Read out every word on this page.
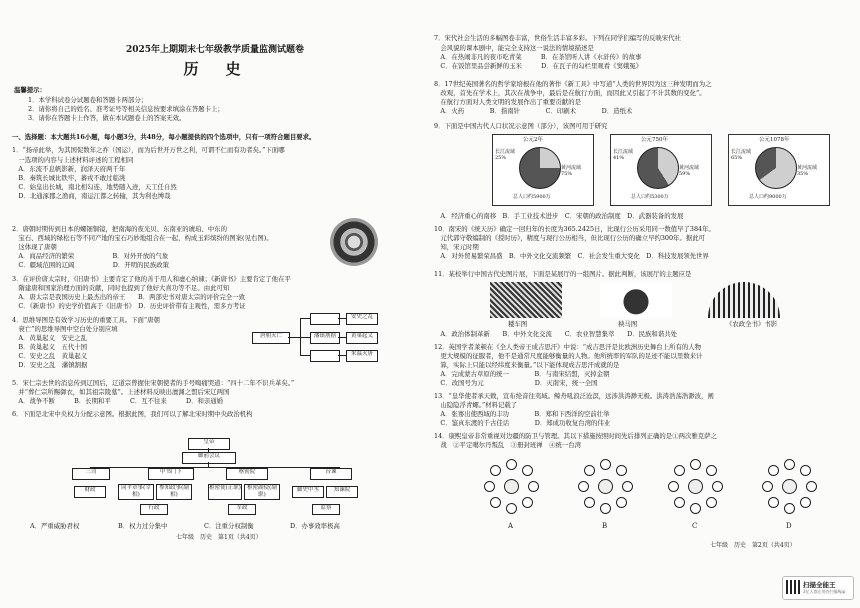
2025年上期期末七年级教学质量监测试题卷
历　史
温馨提示：
1．本学科试卷分试题卷和答题卡两部分；
2．请你将自己的姓名、准考证号等相关信息按要求填涂在答题卡上；
3．请你在答题卡上作答，做在本试题卷上的答案无效。
一、选择题：本大题共16小题，每小题3分，共48分，每小题提供的四个选项中，只有一项符合题目要求。
1．“扬帝此举，为其国促数年之祚（国运），而为后世开万世之利，可谓不仁而有功者矣。”下面哪
　一选项的内容与上述材料评述的工程相同
　A．东流不息帆影新，润泽天府两千年
　B．秦筑长城比铁牢，蕃戎不敢过临洮
　C．始皇出长城，南北相勾连，地势随入迹，天工任自然
　D．北通涿郡之渔商，南运江都之转输，其为利也博哉
2．唐朝时期传到日本的螺钿铜镜，把南海的夜光贝、东南亚的琥珀、中东的
　宝石、西域的绿松石等不同产地的宝石巧妙地组合在一起，构成玉彩缤纷的图案(见右图)。
　这体现了唐朝
　A．商品经济的繁荣　　　　　　B．对外开放的气象
　C．疆域范围的辽阔　　　　　　D．开明的民族政策
3．在评价唐太宗时，《旧唐书》主要肯定了他的善于用人和虚心纳谏；《新唐书》主要肯定了他在平
　隋建唐和国家治理方面的贡献，同时也提到了他好大喜功等不足。由此可知
　A．唐太宗是我国历史上最杰出的帝王　　B．两部史书对唐太宗的评价完全一致
　C．《新唐书》的史学价值高于《旧唐书》　D．历史评价带有主观性，需多方考证
4．思维导图是有效学习历史的重要工具。下面“唐朝
　衰亡”的思维导图中空白处分别应填
　A．黄巢起义　安史之乱
　B．黄巢起义　五代十国
　C．安史之乱　黄巢起义
　D．安史之乱　藩镇割据
5．宋仁宗去世的消息传到辽国后，辽道宗曾握住宋朝使者的手号啕痛哭道：“四十二年不识兵革矣。”
　并“葬仁宗所赐御衣，如其祖宗陵墓”。上述材料反映出澶渊之盟后宋辽两国
　A．战争不断　　　B．长期和平　　　C．互不往来　　　D．和亲通婚
6．下面是北宋中央权力分配示意图。根据此图，我们可以了解北宋时期中央政治机构
唐朝灭亡	藩镇割据
安史之乱
黄巢起义
朱温灭唐
皇帝
御前会议
三司	中书门下	枢密院	台谏
财政	同平章事(宰相)
参知政事(副相)
行政
枢密使(正职)	枢密副使(副职)
军政
御史中丞	知谏院
监察
A．严重威胁君权	B．权力过分集中	C．注重分权制衡	D．办事效率极高
七年级　历史　第1页（共4页）
7．宋代社会生活的多幅图卷丰富，世俗生活丰富多彩。下列在同学们编写的反映宋代社
　会风貌的课本剧中，能完全支持这一说法的情境描述是
　A．在热闹非凡的夜市吃青菜　　　B．在茶馆听人讲《水浒传》的故事
　C．在饭馆里品尝新鲜的玉米　　　D．在瓦子的勾栏里观看《窦娥冤》
8．17世纪英国著名的哲学家培根在他的著作《新工具》中写道“人类的世界因为这三种发明而为之
　改观，首先在学术上，其次在战争中，最后是在航行方面，而因此又引起了不计其数的变化”。
　在航行方面对人类文明的发展作出了重要贡献的是
　A．火药　　　　B．指南针　　　　C．印刷术　　　　D．造纸术
9．下面是中国古代人口状况示意图（部分），该图可用于研究
　A．经济重心的南移　B．手工业技术进步　C．宋朝的政治制度　D．武器装备的发展
10．南宋的《统天历》确定一回归年的长度为365.2425日，比现行公历采用同一数值早了384年。
　元代郭守敬编制的《授时历》，精度与现行公历相当，但比现行公历的确立早约300年。据此可
　知，宋元时期
　A．对外贸易繁荣昌盛　B．中外文化交流频繁　C．社会发生重大变化　D．科技发展领先世界
11．某校举行中国古代史图片展，下面是某展厅的一组图片。据此判断，该展厅的主题应是
　A．政治体制革新　　B．中外文化交流　　C．农业智慧集萃　　D．民族和谐共处
12．英国学者莱顿在《全人类帝王成吉思汗》中说：“成吉思汗是比欧洲历史舞台上所有的人物
　更大规模的征服者，他不是通常尺度能够衡量的人物。他所统率的军队的足迹不能以里数来计
　算，实际上只能以经纬度来衡量。”以下能体现成吉思汗成就的是
　A．完成蒙古草原的统一　　　　B．与南宋结盟，灭掉金朝
　C．改国号为元　　　　　　　　D．灭南宋，统一全国
13．“皇华使者承天敕，宣布纶音往夷域。鲸舟吼浪泛沧溟，远涉洪涛渺无极。洪涛浩荡浩渺波，阐
　山隐隐浮青螺。”材料记载了
　A．张骞出使西域的丰功　　　　B．郑和下西洋的空前壮举
　C．鉴真东渡的千古佳话　　　　D．郑成功收复台湾的伟业
14．康熙皇帝非常重视对边疆的防卫与管理。其以下措施按照时间先后排列正确的是①两次雅克萨之
　战　②平定噶尔丹叛乱　③册封班禅　④统一台湾
公元2年
长江流域 25%
黄河流域 75%
总人口约5900万
公元750年
长江流域 41%
黄河流域 59%
总人口约5300万
公元1078年
长江流域 65%
黄河流域 35%
总人口约9000万
耧车图	秧马图	《农政全书》书影
A	B	C	D
七年级　历史　第2页（共4页）
扫描全能王
3亿人都在用的扫描App
